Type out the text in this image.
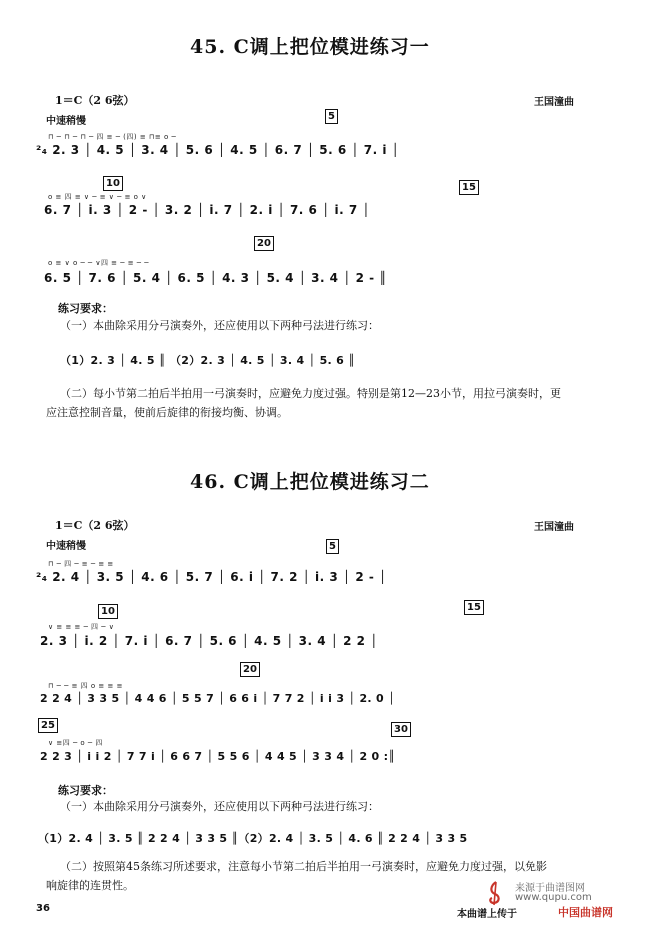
45. C调上把位模进练习一
1＝C（2 6弦）	王国潼曲
中速稍慢	5
10	15
20
⊓ ─ ⊓ ─ ⊓ ─ 四 ≡ ─ (四) ≡ ⊓≡ o ─
²₄ 2. 3 │ 4. 5 │ 3. 4 │ 5. 6 │ 4. 5 │ 6. 7 │ 5. 6 │ 7. i │
o ≡ 四 ≡ ∨ ─ ≡ ∨ ─ ≡ o ∨
6. 7 │ i. 3 │ 2 - │ 3. 2 │ i. 7 │ 2. i │ 7. 6 │ i. 7 │
o ≡ ∨ o ─ ─ ∨四 ≡ ─ ≡ ─ ─
6. 5 │ 7. 6 │ 5. 4 │ 6. 5 │ 4. 3 │ 5. 4 │ 3. 4 │ 2 - ║
练习要求：
（一）本曲除采用分弓演奏外，还应使用以下两种弓法进行练习：
（1）2. 3 │ 4. 5 ║ （2）2. 3 │ 4. 5 │ 3. 4 │ 5. 6 ║
（二）每小节第二拍后半拍用一弓演奏时，应避免力度过强。特别是第12—23小节，用拉弓演奏时，更
应注意控制音量，使前后旋律的衔接均衡、协调。
46. C调上把位模进练习二
1＝C（2 6弦）	王国潼曲
中速稍慢	5
10	15
20
25	30
⊓ ─ 四 ─ ≡ ─ ≡ ≡
²₄ 2. 4 │ 3. 5 │ 4. 6 │ 5. 7 │ 6. i │ 7. 2 │ i. 3 │ 2 - │
∨ ≡ ≡ ≡ ─ 四 ─ ∨
2. 3 │ i. 2 │ 7. i │ 6. 7 │ 5. 6 │ 4. 5 │ 3. 4 │ 2 2 │
⊓ ─ ─ ≡ 四 o ≡ ≡ ≡
2 2 4 │ 3 3 5 │ 4 4 6 │ 5 5 7 │ 6 6 i │ 7 7 2 │ i i 3 │ 2. 0 │
∨ ≡四 ─ o ─ 四
2 2 3 │ i i 2 │ 7 7 i │ 6 6 7 │ 5 5 6 │ 4 4 5 │ 3 3 4 │ 2 0 :║
练习要求：
（一）本曲除采用分弓演奏外，还应使用以下两种弓法进行练习：
（1）2. 4 │ 3. 5 ║ 2 2 4 │ 3 3 5 ║（2）2. 4 │ 3. 5 │ 4. 6 ║ 2 2 4 │ 3 3 5
（二）按照第45条练习所述要求，注意每小节第二拍后半拍用一弓演奏时，应避免力度过强，以免影
响旋律的连贯性。
36
来源于曲谱图网
www.qupu.com
本曲谱上传于	中国曲谱网
